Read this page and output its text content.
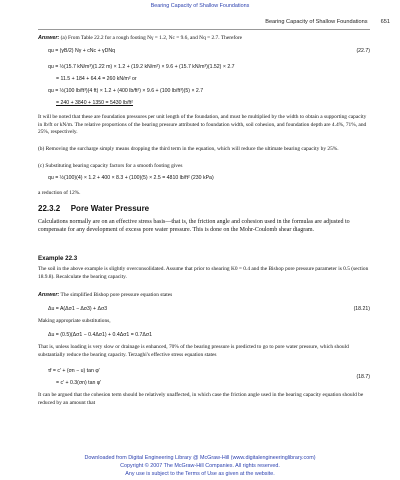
Bearing Capacity of Shallow Foundations
Bearing Capacity of Shallow Foundations 651
Answer: (a) From Table 22.2 for a rough footing Nγ = 1.2, Nc = 9.6, and Nq = 2.7. Therefore
qu = (γB/2) Nγ + cNc + γDNq	(22.7)
qu = ½(15.7 kN/m³)(1.22 m) × 1.2 + (19.2 kN/m²) × 9.6 + (15.7 kN/m³)(1.52) × 2.7
= 11.5 + 184 + 64.4 = 260 kN/m² or
qu = ½(100 lb/ft³)(4 ft) × 1.2 + (400 lb/ft²) × 9.6 + (100 lb/ft³)(5) × 2.7
= 240 + 3840 + 1350 = 5430 lb/ft²
It will be noted that these are foundation pressures per unit length of the foundation, and must be multiplied by the width to obtain a supporting capacity in lb/ft or kN/m. The relative proportions of the bearing pressure attributed to foundation width, soil cohesion, and foundation depth are 4.4%, 71%, and 25%, respectively.
(b) Removing the surcharge simply means dropping the third term in the equation, which will reduce the ultimate bearing capacity by 25%.
(c) Substituting bearing capacity factors for a smooth footing gives
qu = ½(100)(4) × 1.2 + 400 × 8.3 + (100)(5) × 2.5 = 4810 lb/ft² (230 kPa)
a reduction of 12%.
22.3.2 Pore Water Pressure
Calculations normally are on an effective stress basis—that is, the friction angle and cohesion used in the formulas are adjusted to compensate for any development of excess pore water pressure. This is done on the Mohr-Coulomb shear diagram.
Example 22.3
The soil in the above example is slightly overconsolidated. Assume that prior to shearing K0 = 0.4 and the Bishop pore pressure parameter is 0.5 (section 18.9.8). Recalculate the bearing capacity.
Answer: The simplified Bishop pore pressure equation states
Δu = A(Δσ1 − Δσ3) + Δσ3	(18.21)
Making appropriate substitutions,
Δu = (0.5)(Δσ1 − 0.4Δσ1) + 0.4Δσ1 = 0.7Δσ1
That is, unless loading is very slow or drainage is enhanced, 70% of the bearing pressure is predicted to go to pore water pressure, which should substantially reduce the bearing capacity. Terzaghi's effective stress equation states
τf = c′ + (σn − u) tan φ′
(18.7)
= c′ + 0.3(σn) tan φ′
It can be argued that the cohesion term should be relatively unaffected, in which case the friction angle used in the bearing capacity equation should be reduced by an amount that
Downloaded from Digital Engineering Library @ McGraw-Hill (www.digitalengineeringlibrary.com)
Copyright © 2007 The McGraw-Hill Companies. All rights reserved.
Any use is subject to the Terms of Use as given at the website.
